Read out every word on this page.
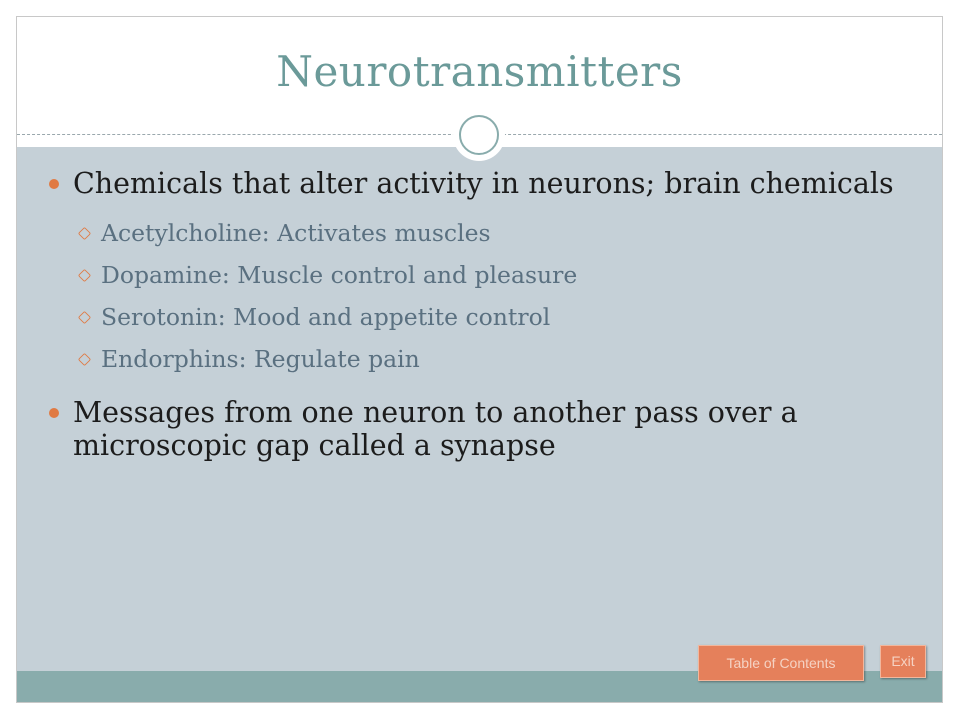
Neurotransmitters
Chemicals that alter activity in neurons; brain chemicals
Acetylcholine: Activates muscles
Dopamine: Muscle control and pleasure
Serotonin: Mood and appetite control
Endorphins: Regulate pain
Messages from one neuron to another pass over a microscopic gap called a synapse
Table of Contents	Exit
